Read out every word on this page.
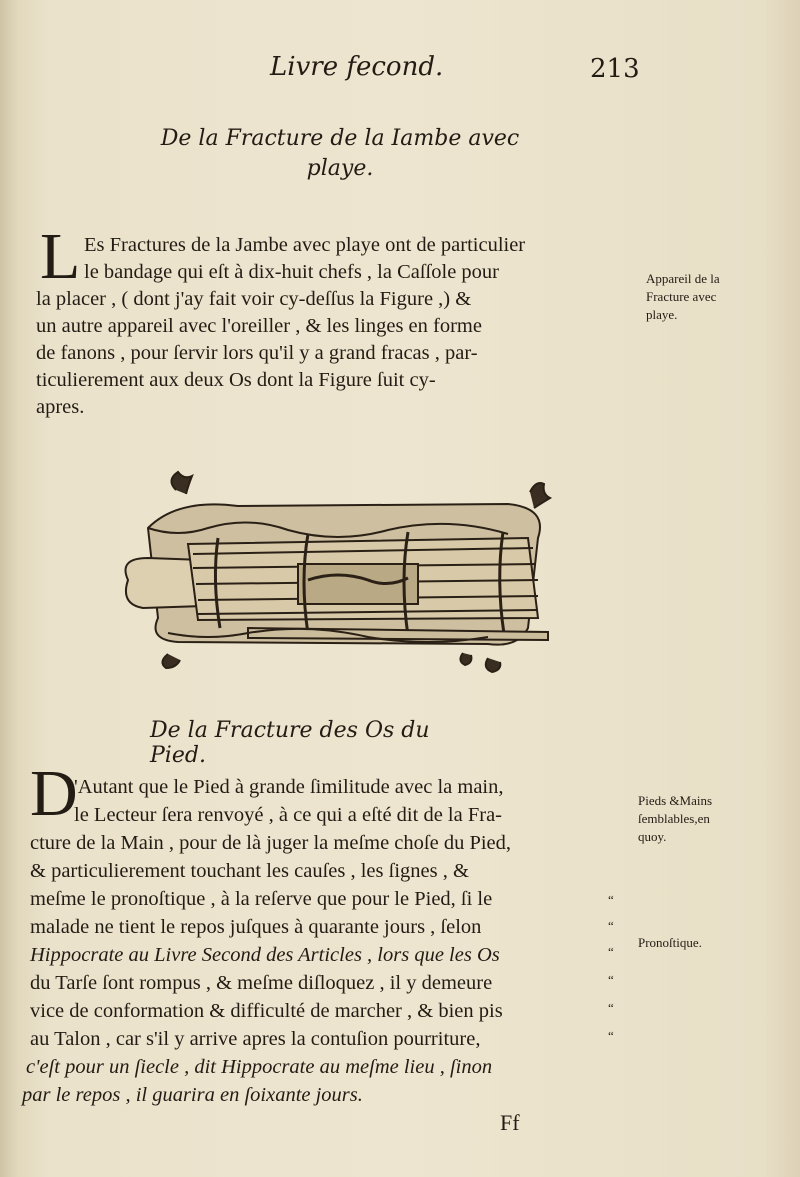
Livre fecond.	213
De la Fracture de la Iambe avec
playe.
L Es Fractures de la Jambe avec playe ont de particulier
le bandage qui eſt à dix-huit chefs , la Caſſole pour
la placer , ( dont j'ay fait voir cy-deſſus la Figure ,) &
un autre appareil avec l'oreiller , & les linges en forme
de fanons , pour ſervir lors qu'il y a grand fracas , par-
ticulierement aux deux Os dont la Figure ſuit cy-
apres.
Appareil de la
Fracture avec
playe.
De la Fracture des Os du Pied.
D
'Autant que le Pied à grande ſimilitude avec la main,
le Lecteur ſera renvoyé , à ce qui a eſté dit de la Fra-
cture de la Main , pour de là juger la meſme choſe du Pied,
& particulierement touchant les cauſes , les ſignes , &
meſme le pronoſtique , à la reſerve que pour le Pied, ſi le
malade ne tient le repos juſques à quarante jours , ſelon
Hippocrate au Livre Second des Articles , lors que les Os
du Tarſe ſont rompus , & meſme diſloquez , il y demeure
vice de conformation & difficulté de marcher , & bien pis
au Talon , car s'il y arrive apres la contuſion pourriture,
c'eſt pour un ſiecle , dit Hippocrate au meſme lieu , ſinon
par le repos , il guarira en ſoixante jours.
“
“
“
“
“
“
Pieds &Mains
ſemblables,en
quoy.
Pronoſtique.
Ff
